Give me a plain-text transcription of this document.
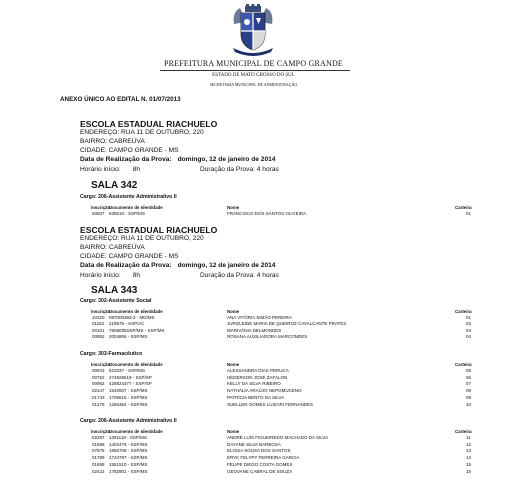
PREFEITURA MUNICIPAL DE CAMPO GRANDE
ESTADO DE MATO GROSSO DO SUL
SECRETARIA MUNICIPAL DE ADMINISTRAÇÃO
ANEXO ÚNICO AO EDITAL N. 01/07/2013
ESCOLA ESTADUAL RIACHUELO
ENDEREÇO: RUA 11 DE OUTUBRO, 220
BAIRRO: CABREÚVA
CIDADE: CAMPO GRANDE - MS
Data de Realização da Prova: domingo, 12 de janeiro de 2014
Horário início: 8h	Duração da Prova: 4 horas
SALA 342
Cargo: 206-Assistente Administrativo II
Inscrição
Documento de Identidade	Nome	Carteira
00507 839510 - SSP/MS	FRANCISCO DOS SANTOS OLIVEIRA	01
ESCOLA ESTADUAL RIACHUELO
ENDEREÇO: RUA 11 DE OUTUBRO, 220
BAIRRO: CABREÚVA
CIDADE: CAMPO GRANDE - MS
Data de Realização da Prova: domingo, 12 de janeiro de 2014
Horário início: 8h	Duração da Prova: 4 horas
SALA 343
Cargo: 302-Assistente Social
Inscrição
Documento de Identidade	Nome	Carteira
10320 097000383-3 - MD/MS	ANA VITÓRIA SIMÃO PEREIRA	01
01162 219575 - SSP/AC	JURGLEIDE MARIA DE QUEIROZ CAVALCANTE PRATES	02
00101 7808035SSP/MS - SSP/MS	MARIVÂNIA DELMONDES	03
00852 2004906 - SSP/MS	ROSANA AUXILIADORA MARCONDES	04
Cargo: 303-Farmacêutico
Inscrição
Documento de Identidade	Nome	Carteira
00843 522037 - SSP/MS	ALESSANDRA DIAS PERUCA	05
00752 274928619 - SSP/SP	HÉDERSON JOSÉ ZAFALON	06
00962 428824377 - SSP/SP	KELLY DA SILVA RIBEIRO	07
02147 1540607 - SSP/MS	NATHÁLIA ARAÚJO NEPOMUCENO	08
01743 1709616 - SSP/MS	PATRÍCIA BENTO DA SILVA	09
01279 1266354 - SSP/MS	SUELLEN GOMES LUIZARI FERNANDES	10
Cargo: 206-Assistente Administrativo II
Inscrição
Documento de Identidade	Nome	Carteira
02297 1391118 - SSP/MS	ANDRÉ LUÍS FIGUEIREDO MACHADO DA SILVA	11
01688 1402479 - SSP/MS	DAYANE SILVA BARBOSA	12
07878 1855708 - SSP/MS	ELOISA SOUSA DOS SANTOS	13
01789 1734797 - SSP/MS	ERYK FELYPY FERREIRA GARCIA	14
01658 1551510 - SSP/MS	FELIPE DIEGO COSTA GOMES	15
02422 1782901 - SSP/MS	GEOVANE CABRAL DE SOUZA	16
